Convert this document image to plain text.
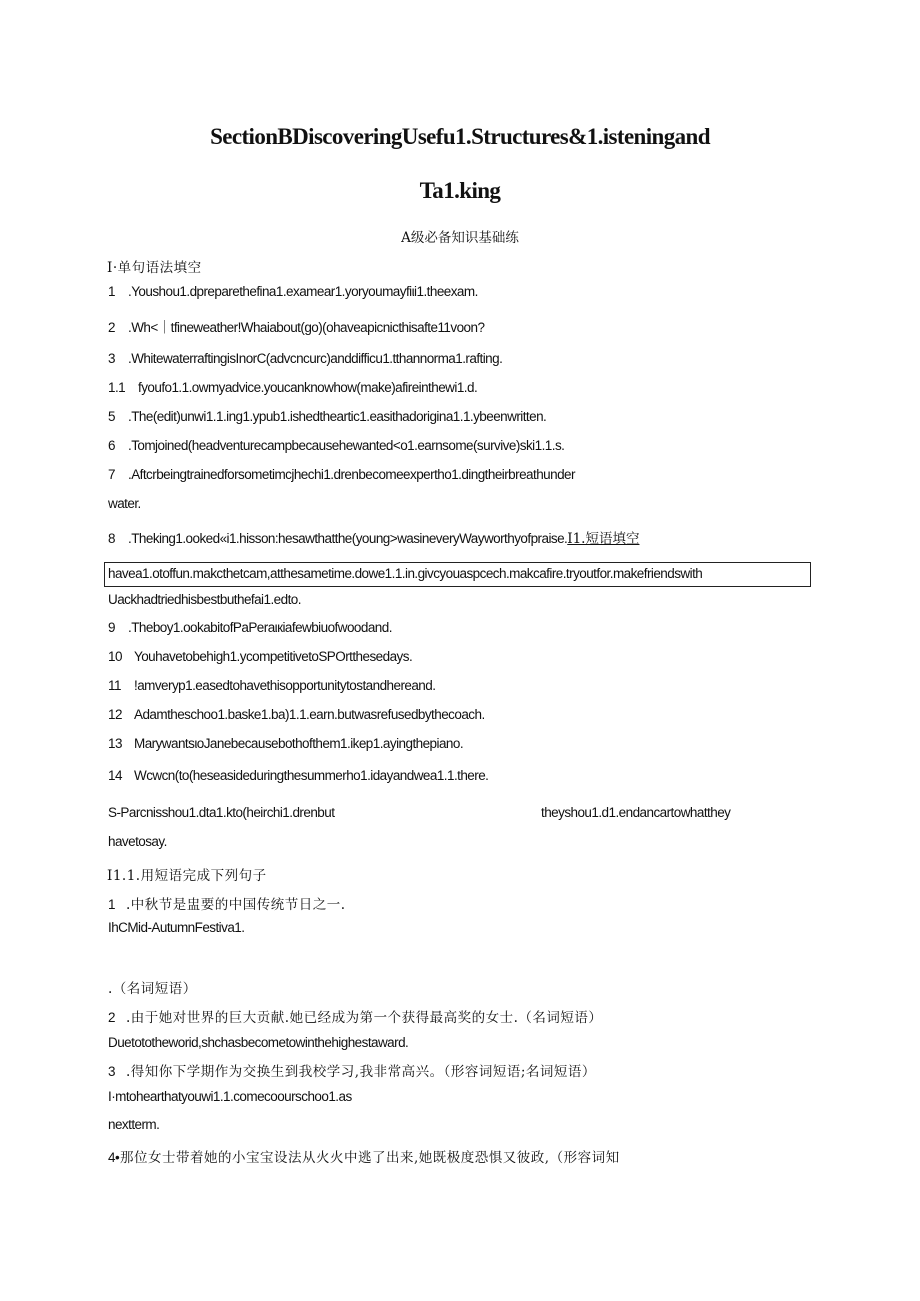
SectionBDiscoveringUsefu1.Structures&1.isteningand
Ta1.king
A级必备知识基础练
I·单句语法填空
1 .Youshou1.dpreparethefina1.examear1.yoryoumayfiιi1.theexam.
2 .Wh<｜tfineweather!Whaiabout(go)(ohaveapicnicthisafte11voon?
3 .WhitewaterraftingisInorC(advcncurc)anddifficu1.tthannorma1.rafting.
1.1 fyoufo1.1.owmyadvice.youcanknowhow(make)afireinthewi1.d.
5 .The(edit)unwi1.1.ing1.ypub1.ishedtheartic1.easithadorigina1.1.ybeenwritten.
6 .Tomjoined(headventurecampbecausehewanted<o1.earnsome(survive)ski1.1.s.
7 .Aftcrbeingtrainedforsometimcjhechi1.drenbecomeexpertho1.dingtheirbreathunder
water.
8 .Theking1.ooked«i1.hisson:hesawthatthe(young>wasineveryWayworthyofpraise.I1.短语填空
havea1.otoffun.makcthetcam,atthesametime.dowe1.1.in.givcyouaspcech.makcafire.tryoutfor.makefriendswith
Uackhadtriedhisbestbuthefai1.edto.
9 .Theboy1.ookabitofPaPeraιкiafewbiuofwoodand.
10 Youhavetobehigh1.ycompetitivetoSPOrtthesedays.
11 !amveryp1.easedtohavethisopportunitytostandhereand.
12 Adamtheschoo1.baske1.ba)1.1.earn.butwasrefusedbythecoach.
13 MarywantsιoJanebecausebothofthem1.ikep1.ayingthepiano.
14 Wcwcn(to(heseasideduringthesummerho1.idayandwea1.1.there.
S-Parcnisshou1.dta1.kto(heirchi1.drenbut	theyshou1.d1.endancartowhatthey
havetosay.
I1.1.用短语完成下列句子
1 .中秋节是盅要的中国传统节日之一.
IhCMid-AutumnFestiva1.
.（名词短语）
2 .由于她对世界的巨大贡献.她已经成为第一个获得最高奖的女士.（名词短语）
Duetototheworid,shchasbecometowinthehighestaward.
3 .得知你下学期作为交换生到我校学习,我非常高兴。（形容词短语;名词短语）
I·mtohearthatyouwi1.1.comecoourschoo1.as
nextterm.
4•那位女士带着她的小宝宝设法从火火中逃了出来,她既极度恐惧又彼政,（形容词知
